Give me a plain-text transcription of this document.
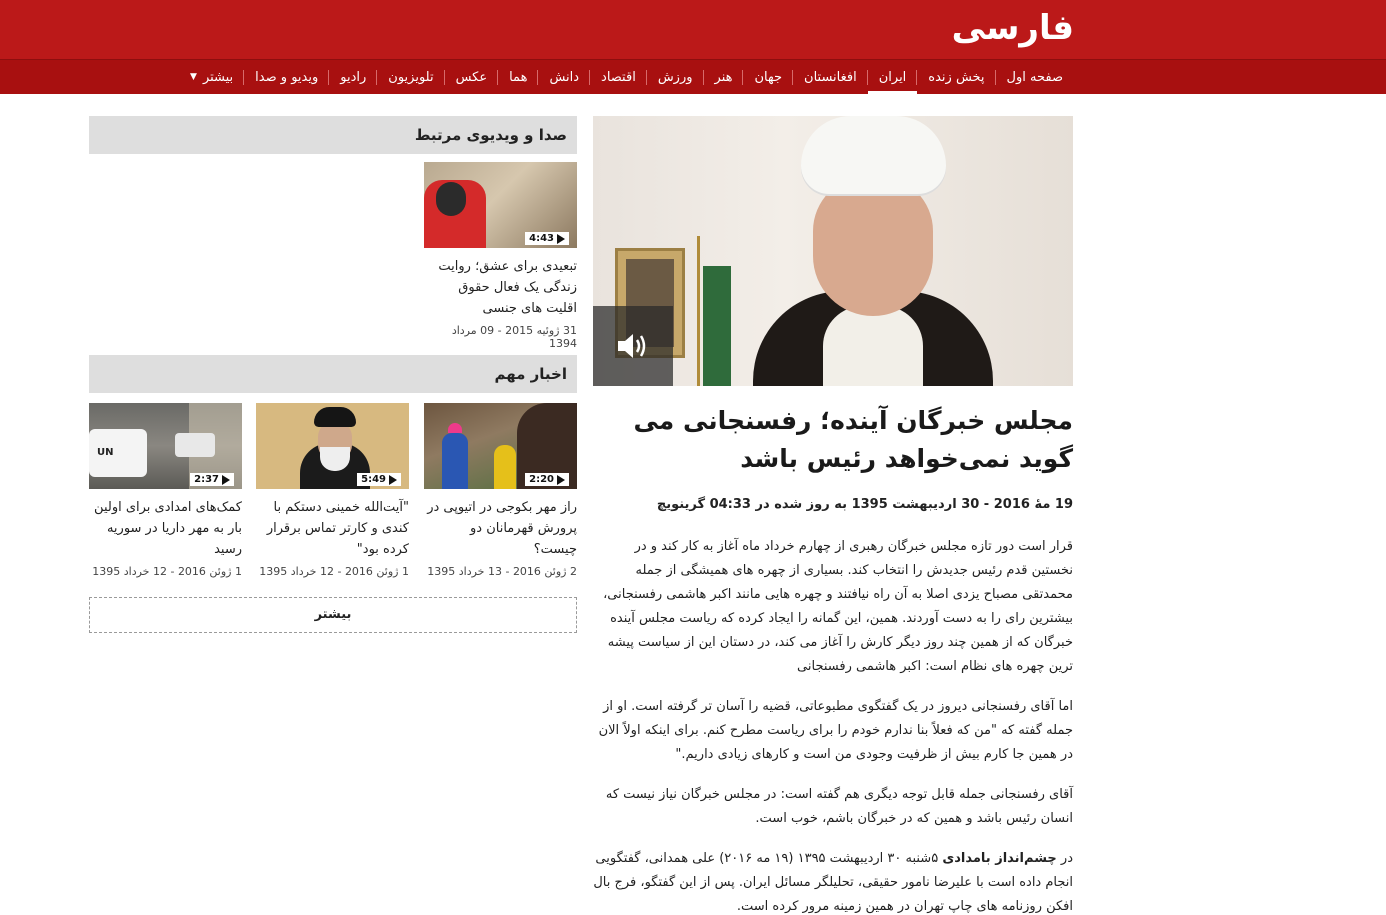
فارسی
صفحه اول
پخش زنده
ایران
افغانستان
جهان
هنر
ورزش
اقتصاد
دانش
هما
عکس
تلویزیون
رادیو
ویدیو و صدا
بیشتر
▼
مجلس خبرگان آینده؛ رفسنجانی می گوید نمی‌خواهد رئیس باشد
19 مهٔ 2016 - 30 اردیبهشت 1395 به روز شده در 04:33 گرینویچ

قرار است دور تازه مجلس خبرگان رهبری از چهارم خرداد ماه آغاز به کار کند و در نخستین قدم رئیس جدیدش را انتخاب کند. بسیاری از چهره های همیشگی از جمله محمدتقی مصباح یزدی اصلا به آن راه نیافتند و چهره هایی مانند اکبر هاشمی رفسنجانی، بیشترین رای را به دست آوردند. همین، این گمانه را ایجاد کرده که ریاست مجلس آینده خبرگان که از همین چند روز دیگر کارش را آغاز می کند، در دستان این از سیاست پیشه ترین چهره های نظام است: اکبر هاشمی رفسنجانی

اما آقای رفسنجانی دیروز در یک گفتگوی مطبوعاتی، قضیه را آسان تر گرفته است. او از جمله گفته که "من که فعلاً بنا ندارم خودم را برای ریاست مطرح کنم. برای اینکه اولاً الان در همین جا کارم بیش از ظرفیت وجودی من است و کارهای زیادی داریم."

آقای رفسنجانی جمله قابل توجه دیگری هم گفته است: در مجلس خبرگان نیاز نیست که انسان رئیس باشد و همین که در خبرگان باشم، خوب است.

در چشم‌انداز بامدادی ۵شنبه ۳۰ اردیبهشت ۱۳۹۵ (۱۹ مه ۲۰۱۶) علی همدانی، گفتگویی انجام داده است با علیرضا نامور حقیقی، تحلیلگر مسائل ایران. پس از این گفتگو، فرج بال افکن روزنامه های چاپ تهران در همین زمینه مرور کرده است.

صدا و ویدیوی مرتبط
4:43
تبعیدی برای عشق؛ روایت زندگی یک فعال حقوق اقلیت های جنسی
31 ژوئیه 2015 - 09 مرداد 1394
اخبار مهم
2:20
راز مهر بکوجی در اتیوپی در پرورش قهرمانان دو چیست؟
2 ژوئن 2016 - 13 خرداد 1395
5:49
"آیت‌الله خمینی دستکم با کندی و کارتر تماس برقرار کرده بود"
1 ژوئن 2016 - 12 خرداد 1395
UN
2:37
کمک‌های امدادی برای اولین بار به مهر داریا در سوریه رسید
1 ژوئن 2016 - 12 خرداد 1395
بیشتر
